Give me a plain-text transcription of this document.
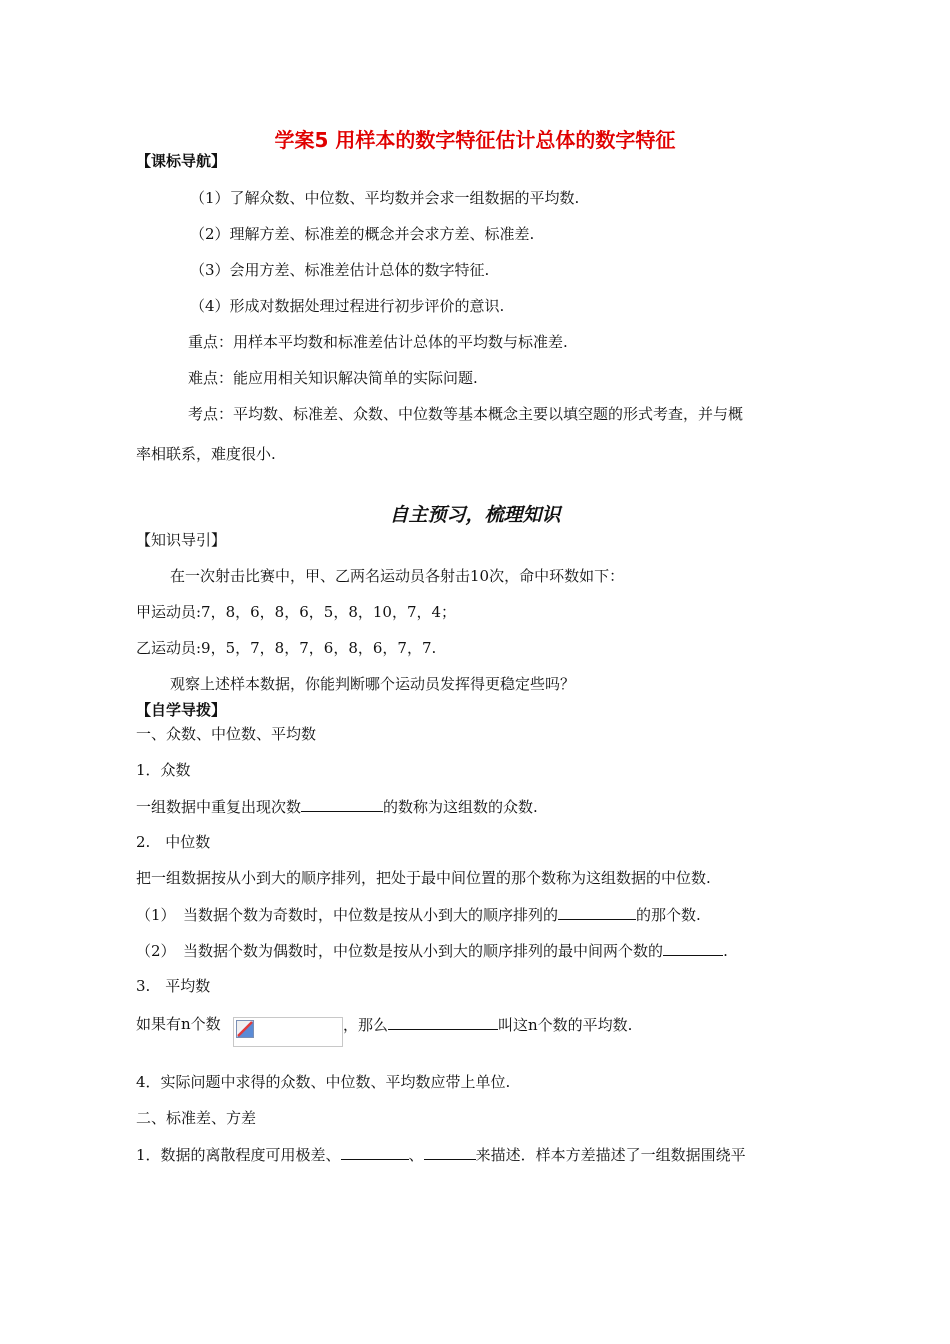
学案5 用样本的数字特征估计总体的数字特征
【课标导航】
（1）了解众数、中位数、平均数并会求一组数据的平均数.
（2）理解方差、标准差的概念并会求方差、标准差.
（3）会用方差、标准差估计总体的数字特征.
（4）形成对数据处理过程进行初步评价的意识.
重点：用样本平均数和标准差估计总体的平均数与标准差.
难点：能应用相关知识解决简单的实际问题.
考点：平均数、标准差、众数、中位数等基本概念主要以填空题的形式考查，并与概
率相联系，难度很小.
自主预习，梳理知识
【知识导引】
在一次射击比赛中，甲、乙两名运动员各射击10次，命中环数如下：
甲运动员:7，8，6，8，6，5，8，10，7，4；
乙运动员:9，5，7，8，7，6，8，6，7，7.
观察上述样本数据，你能判断哪个运动员发挥得更稳定些吗？
【自学导拨】
一、众数、中位数、平均数
1．众数
一组数据中重复出现次数	的数称为这组数的众数.
2.　中位数
把一组数据按从小到大的顺序排列，把处于最中间位置的那个数称为这组数据的中位数.
（1）　当数据个数为奇数时，中位数是按从小到大的顺序排列的	的那个数.
（2）　当数据个数为偶数时，中位数是按从小到大的顺序排列的最中间两个数的	.
3.　平均数
如果有n个数	，那么	叫这n个数的平均数.
4．实际问题中求得的众数、中位数、平均数应带上单位.
二、标准差、方差
1．数据的离散程度可用极差、	、	来描述．样本方差描述了一组数据围绕平
